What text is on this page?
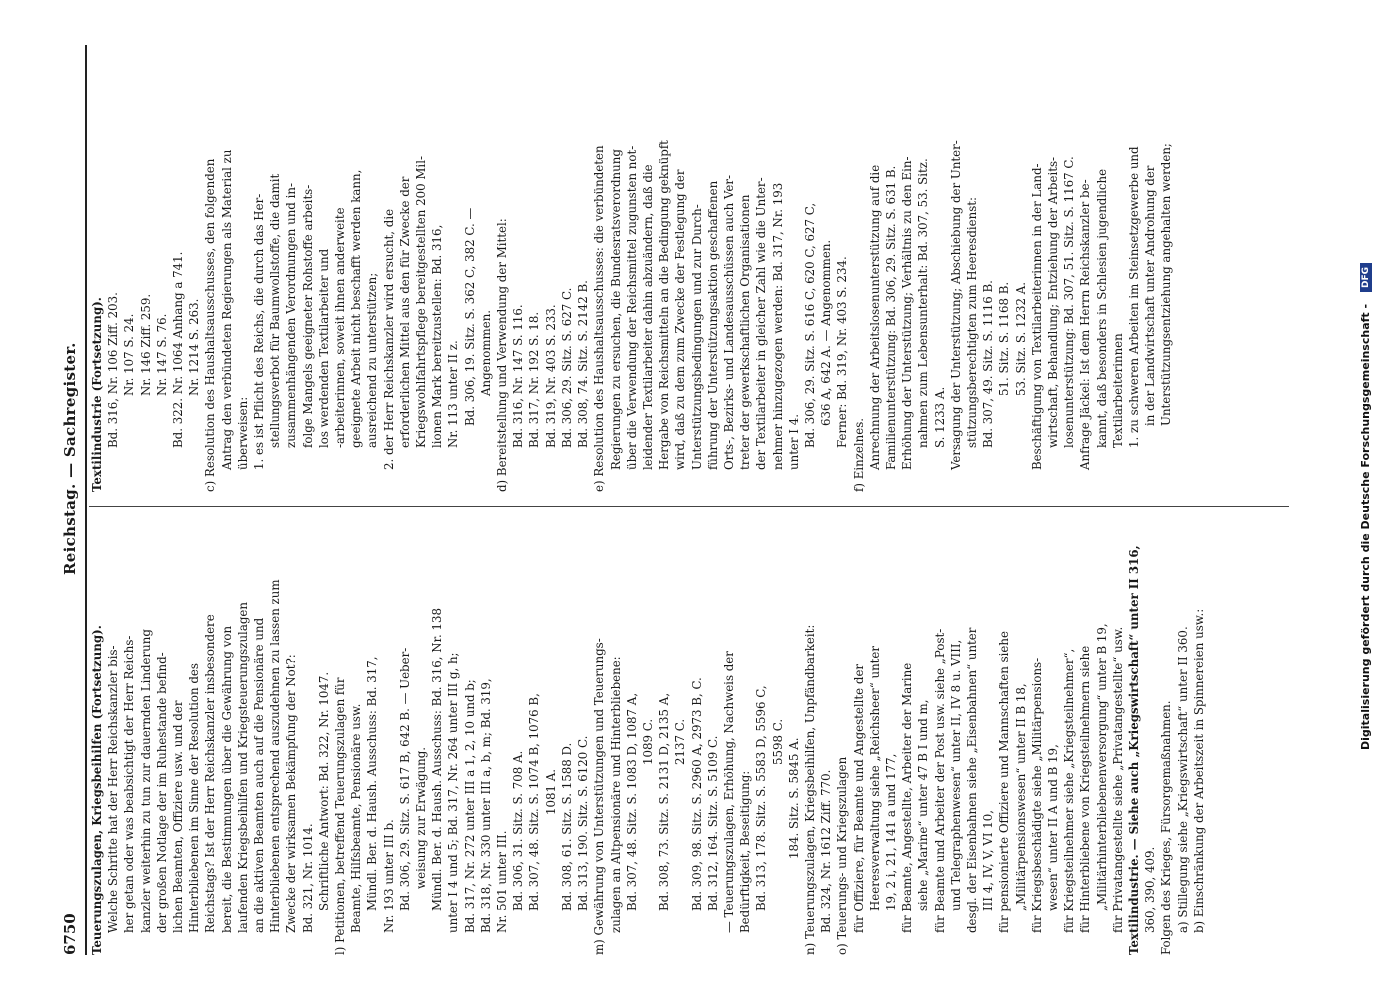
6750
Reichstag. — Sachregister.
Teuerungszulagen, Kriegsbeihilfen (Fortsetzung). Welche Schritte hat der Herr Reichskanzler bis- her getan oder was beabsichtigt der Herr Reichs- kanzler weiterhin zu tun zur dauernden Linderung der großen Notlage der im Ruhestande befind- lichen Beamten, Offiziere usw. und der Hinterbliebenen im Sinne der Resolution des Reichstags? Ist der Herr Reichskanzler insbesondere bereit, die Bestimmungen über die Gewährung von laufenden Kriegsbeihilfen und Kriegsteuerungszulagen an die aktiven Beamten auch auf die Pensionäre und Hinterbliebenen entsprechend auszudehnen zu lassen zum Zwecke der wirksamen Bekämpfung der Not?: Bd. 321, Nr. 1014. Schriftliche Antwort: Bd. 322, Nr. 1047. l) Petitionen, betreffend Teuerungszulagen für Beamte, Hilfsbeamte, Pensionäre usw. Mündl. Ber. d. Haush. Ausschuss: Bd. 317, Nr. 193 unter III b. Bd. 306, 29. Sitz. S. 617 B, 642 B. — Ueber- weisung zur Erwägung. Mündl. Ber. d. Haush. Ausschuss: Bd. 316, Nr. 138 unter I 4 und 5; Bd. 317, Nr. 264 unter III g, h; Bd. 317, Nr. 272 unter III a 1, 2, 10 und b; Bd. 318, Nr. 330 unter III a, b, m; Bd. 319, Nr. 501 unter III. Bd. 306, 31. Sitz. S. 708 A. Bd. 307, 48. Sitz. S. 1074 B, 1076 B, 1081 A. Bd. 308, 61. Sitz. S. 1588 D. Bd. 313, 190. Sitz. S. 6120 C. m) Gewährung von Unterstützungen und Teuerungs- zulagen an Altpensionäre und Hinterbliebene: Bd. 307, 48. Sitz. S. 1083 D, 1087 A, 1089 C. Bd. 308, 73. Sitz. S. 2131 D, 2135 A, 2137 C. Bd. 309, 98. Sitz. S. 2960 A, 2973 B, C. Bd. 312, 164. Sitz. S. 5109 C. — Teuerungszulagen, Erhöhung, Nachweis der Bedürftigkeit, Beseitigung: Bd. 313, 178. Sitz. S. 5583 D, 5596 C, 5598 C. 184. Sitz. S. 5845 A. n) Teuerungszulagen, Kriegsbeihilfen, Unpfändbarkeit: Bd. 324, Nr. 1612 Ziff. 770. o) Teuerungs- und Kriegszulagen für Offiziere, für Beamte und Angestellte der Heeresverwaltung siehe „Reichsheer“ unter 19, 2 i, 21, 141 a und 177, für Beamte, Angestellte, Arbeiter der Marine siehe „Marine“ unter 47 B I und m, für Beamte und Arbeiter der Post usw. siehe „Post- und Telegraphenwesen“ unter II, IV 8 u. VIII, desgl. der Eisenbahnen siehe „Eisenbahnen“ unter III 4, IV, V, VI 10, für pensionierte Offiziere und Mannschaften siehe „Militärpensionswesen“ unter II B 18, für Kriegsbeschädigte siehe „Militärpensions- wesen“ unter II A und B 19, für Kriegsteilnehmer siehe „Kriegsteilnehmer“, für Hinterbliebene von Kriegsteilnehmern siehe „Militärhinterbliebenenversorgung“ unter B 19, für Privatangestellte siehe „Privatangestellte“ usw. Textilindustrie. — Siehe auch „Kriegswirtschaft“ unter II 316, 360, 390, 409. Folgen des Krieges, Fürsorgemaßnahmen. a) Stillegung siehe „Kriegswirtschaft“ unter II 360. b) Einschränkung der Arbeitszeit in Spinnereien usw.:
Textilindustrie (Fortsetzung). Bd. 316, Nr. 106 Ziff. 203. Nr. 107 S. 24. Nr. 146 Ziff. 259. Nr. 147 S. 76. Bd. 322. Nr. 1064 Anhang a 741. Nr. 1214 S. 263. c) Resolution des Haushaltsausschusses, den folgenden Antrag den verbündeten Regierungen als Material zu überweisen: 1. es ist Pflicht des Reichs, die durch das Her- stellungsverbot für Baumwollstoffe, die damit zusammenhängenden Verordnungen und in- folge Mangels geeigneter Rohstoffe arbeits- los werdenden Textilarbeiter und -arbeiterinnen, soweit ihnen anderweite geeignete Arbeit nicht beschafft werden kann, ausreichend zu unterstützen; 2. der Herr Reichskanzler wird ersucht, die erforderlichen Mittel aus den für Zwecke der Kriegswohlfahrtspflege bereitgestellten 200 Mil- lionen Mark bereitzustellen: Bd. 316, Nr. 113 unter II z. Bd. 306, 19. Sitz. S. 362 C, 382 C. — Angenommen. d) Bereitstellung und Verwendung der Mittel: Bd. 316, Nr. 147 S. 116. Bd. 317, Nr. 192 S. 18. Bd. 319, Nr. 403 S. 233. Bd. 306, 29. Sitz. S. 627 C. Bd. 308, 74. Sitz. S. 2142 B. e) Resolution des Haushaltsausschusses: die verbündeten Regierungen zu ersuchen, die Bundesratsverordnung über die Verwendung der Reichsmittel zugunsten not- leidender Textilarbeiter dahin abzuändern, daß die Hergabe von Reichsmitteln an die Bedingung geknüpft wird, daß zu dem zum Zwecke der Festlegung der Unterstützungsbedingungen und zur Durch- führung der Unterstützungsaktion geschaffenen Orts-, Bezirks- und Landesausschüssen auch Ver- treter der gewerkschaftlichen Organisationen der Textilarbeiter in gleicher Zahl wie die Unter- nehmer hinzugezogen werden: Bd. 317, Nr. 193 unter I 4. Bd. 306, 29. Sitz. S. 616 C, 620 C, 627 C, 636 A, 642 A. — Angenommen. Ferner: Bd. 319, Nr. 403 S. 234.
f) Einzelnes. Anrechnung der Arbeitslosenunterstützung auf die Familienunterstützung: Bd. 306, 29. Sitz. S. 631 B. Erhöhung der Unterstützung; Verhältnis zu den Ein- nahmen zum Lebensunterhalt: Bd. 307, 53. Sitz. S. 1233 A. Versagung der Unterstützung; Abschiebung der Unter- stützungsberechtigten zum Heeresdienst: Bd. 307, 49. Sitz. S. 1116 B. 51. Sitz. S. 1168 B. 53. Sitz. S. 1232 A. Beschäftigung von Textilarbeiterinnen in der Land- wirtschaft, Behandlung; Entziehung der Arbeits- losenunterstützung: Bd. 307, 51. Sitz. S. 1167 C. Anfrage Jäckel: Ist dem Herrn Reichskanzler be- kannt, daß besonders in Schlesien jugendliche Textilarbeiterinnen 1. zu schweren Arbeiten im Steinsetzgewerbe und in der Landwirtschaft unter Androhung der Unterstützungsentziehung angehalten werden;
Digitalisierung gefördert durch die Deutsche Forschungsgemeinschaft - DFG
